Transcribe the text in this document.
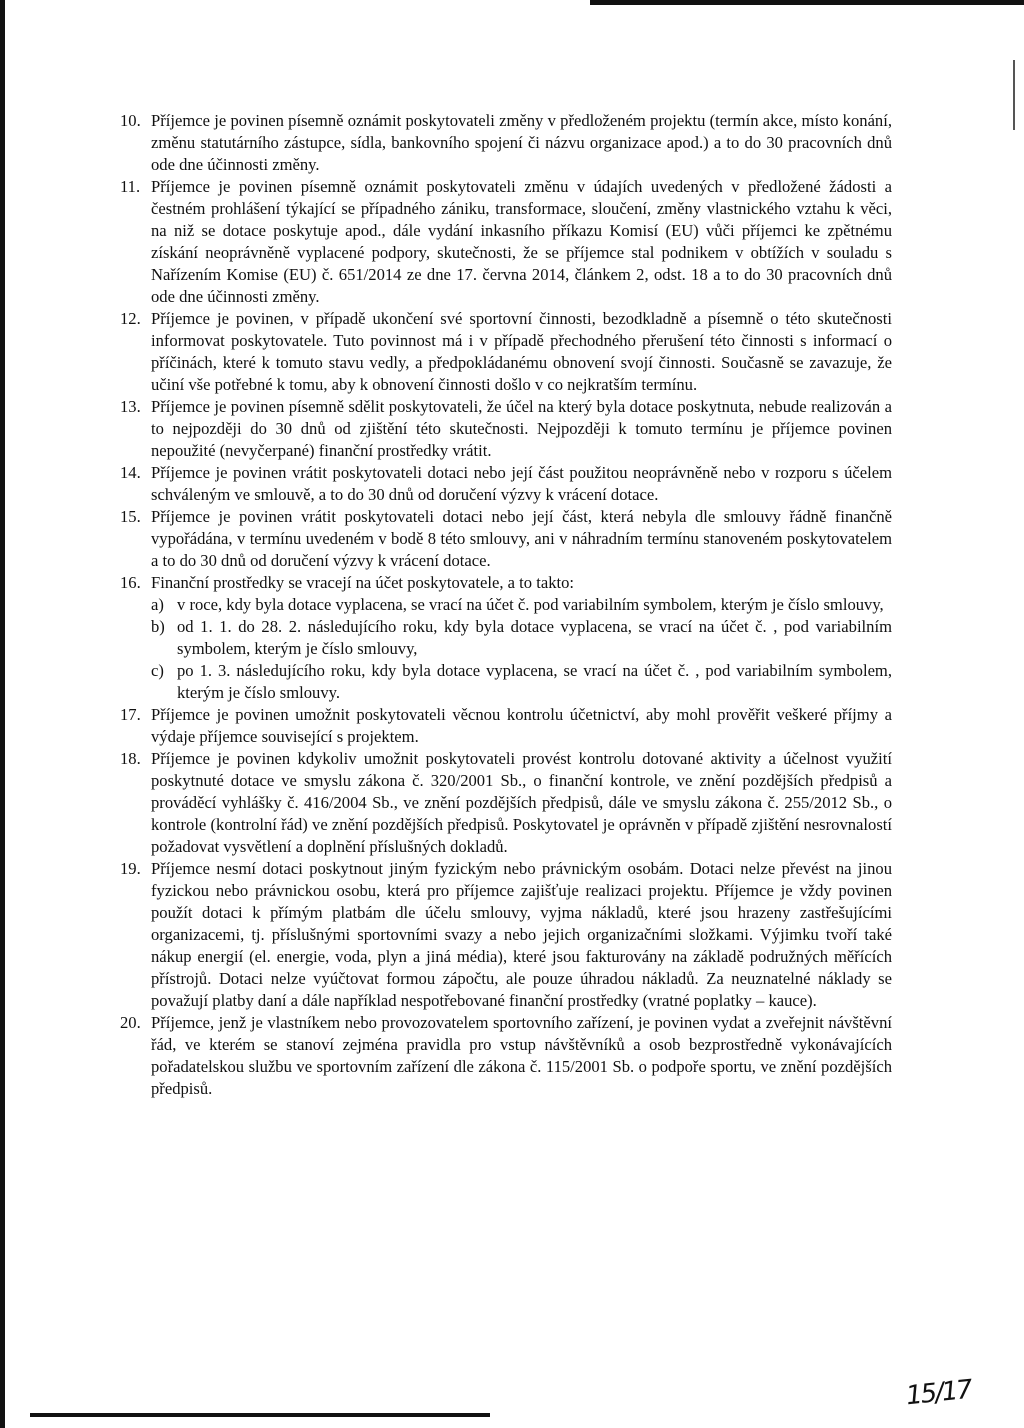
10. Příjemce je povinen písemně oznámit poskytovateli změny v předloženém projektu (termín akce, místo konání, změnu statutárního zástupce, sídla, bankovního spojení či názvu organizace apod.) a to do 30 pracovních dnů ode dne účinnosti změny.
11. Příjemce je povinen písemně oznámit poskytovateli změnu v údajích uvedených v předložené žádosti a čestném prohlášení týkající se případného zániku, transformace, sloučení, změny vlastnického vztahu k věci, na niž se dotace poskytuje apod., dále vydání inkasního příkazu Komisí (EU) vůči příjemci ke zpětnému získání neoprávněně vyplacené podpory, skutečnosti, že se příjemce stal podnikem v obtížích v souladu s Nařízením Komise (EU) č. 651/2014 ze dne 17. června 2014, článkem 2, odst. 18 a to do 30 pracovních dnů ode dne účinnosti změny.
12. Příjemce je povinen, v případě ukončení své sportovní činnosti, bezodkladně a písemně o této skutečnosti informovat poskytovatele. Tuto povinnost má i v případě přechodného přerušení této činnosti s informací o příčinách, které k tomuto stavu vedly, a předpokládanému obnovení svojí činnosti. Současně se zavazuje, že učiní vše potřebné k tomu, aby k obnovení činnosti došlo v co nejkratším termínu.
13. Příjemce je povinen písemně sdělit poskytovateli, že účel na který byla dotace poskytnuta, nebude realizován a to nejpozději do 30 dnů od zjištění této skutečnosti. Nejpozději k tomuto termínu je příjemce povinen nepoužité (nevyčerpané) finanční prostředky vrátit.
14. Příjemce je povinen vrátit poskytovateli dotaci nebo její část použitou neoprávněně nebo v rozporu s účelem schváleným ve smlouvě, a to do 30 dnů od doručení výzvy k vrácení dotace.
15. Příjemce je povinen vrátit poskytovateli dotaci nebo její část, která nebyla dle smlouvy řádně finančně vypořádána, v termínu uvedeném v bodě 8 této smlouvy, ani v náhradním termínu stanoveném poskytovatelem a to do 30 dnů od doručení výzvy k vrácení dotace.
16. Finanční prostředky se vracejí na účet poskytovatele, a to takto:
a) v roce, kdy byla dotace vyplacena, se vrací na účet č. pod variabilním symbolem, kterým je číslo smlouvy,
b) od 1. 1. do 28. 2. následujícího roku, kdy byla dotace vyplacena, se vrací na účet č. , pod variabilním symbolem, kterým je číslo smlouvy,
c) po 1. 3. následujícího roku, kdy byla dotace vyplacena, se vrací na účet č. , pod variabilním symbolem, kterým je číslo smlouvy.
17. Příjemce je povinen umožnit poskytovateli věcnou kontrolu účetnictví, aby mohl prověřit veškeré příjmy a výdaje příjemce související s projektem.
18. Příjemce je povinen kdykoliv umožnit poskytovateli provést kontrolu dotované aktivity a účelnost využití poskytnuté dotace ve smyslu zákona č. 320/2001 Sb., o finanční kontrole, ve znění pozdějších předpisů a prováděcí vyhlášky č. 416/2004 Sb., ve znění pozdějších předpisů, dále ve smyslu zákona č. 255/2012 Sb., o kontrole (kontrolní řád) ve znění pozdějších předpisů. Poskytovatel je oprávněn v případě zjištění nesrovnalostí požadovat vysvětlení a doplnění příslušných dokladů.
19. Příjemce nesmí dotaci poskytnout jiným fyzickým nebo právnickým osobám. Dotaci nelze převést na jinou fyzickou nebo právnickou osobu, která pro příjemce zajišťuje realizaci projektu. Příjemce je vždy povinen použít dotaci k přímým platbám dle účelu smlouvy, vyjma nákladů, které jsou hrazeny zastřešujícími organizacemi, tj. příslušnými sportovními svazy a nebo jejich organizačními složkami. Výjimku tvoří také nákup energií (el. energie, voda, plyn a jiná média), které jsou fakturovány na základě podružných měřících přístrojů. Dotaci nelze vyúčtovat formou zápočtu, ale pouze úhradou nákladů. Za neuznatelné náklady se považují platby daní a dále například nespotřebované finanční prostředky (vratné poplatky – kauce).
20. Příjemce, jenž je vlastníkem nebo provozovatelem sportovního zařízení, je povinen vydat a zveřejnit návštěvní řád, ve kterém se stanoví zejména pravidla pro vstup návštěvníků a osob bezprostředně vykonávajících pořadatelskou službu ve sportovním zařízení dle zákona č. 115/2001 Sb. o podpoře sportu, ve znění pozdějších předpisů.
15/17
